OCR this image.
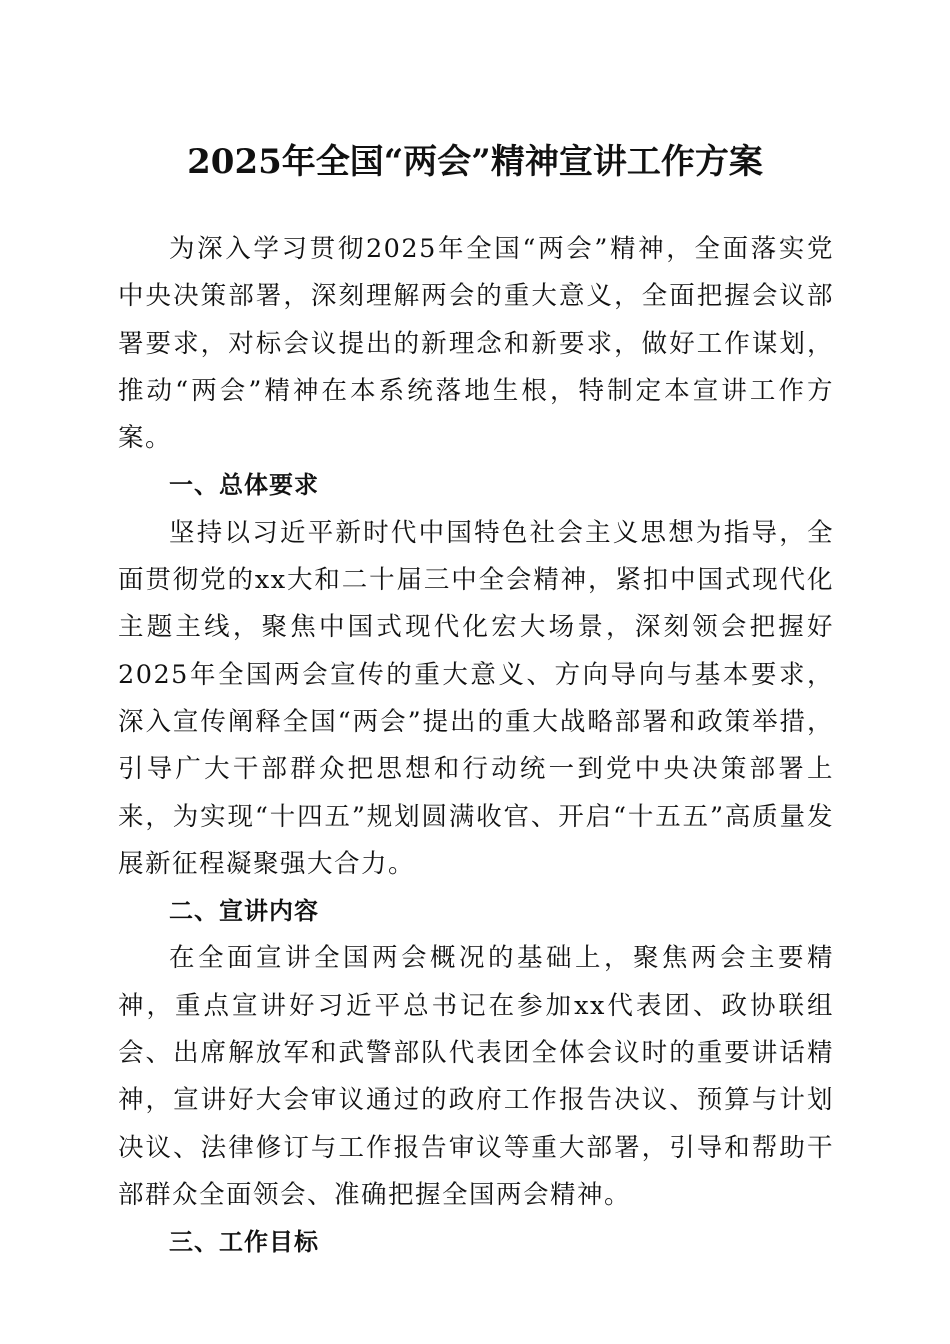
2025年全国“两会”精神宣讲工作方案

为深入学习贯彻2025年全国“两会”精神，全面落实党中央决策部署，深刻理解两会的重大意义，全面把握会议部署要求，对标会议提出的新理念和新要求，做好工作谋划，推动“两会”精神在本系统落地生根，特制定本宣讲工作方案。

一、总体要求

坚持以习近平新时代中国特色社会主义思想为指导，全面贯彻党的xx大和二十届三中全会精神，紧扣中国式现代化主题主线，聚焦中国式现代化宏大场景，深刻领会把握好2025年全国两会宣传的重大意义、方向导向与基本要求，深入宣传阐释全国“两会”提出的重大战略部署和政策举措，引导广大干部群众把思想和行动统一到党中央决策部署上来，为实现“十四五”规划圆满收官、开启“十五五”高质量发展新征程凝聚强大合力。

二、宣讲内容

在全面宣讲全国两会概况的基础上，聚焦两会主要精神，重点宣讲好习近平总书记在参加xx代表团、政协联组会、出席解放军和武警部队代表团全体会议时的重要讲话精神，宣讲好大会审议通过的政府工作报告决议、预算与计划决议、法律修订与工作报告审议等重大部署，引导和帮助干部群众全面领会、准确把握全国两会精神。

三、工作目标
